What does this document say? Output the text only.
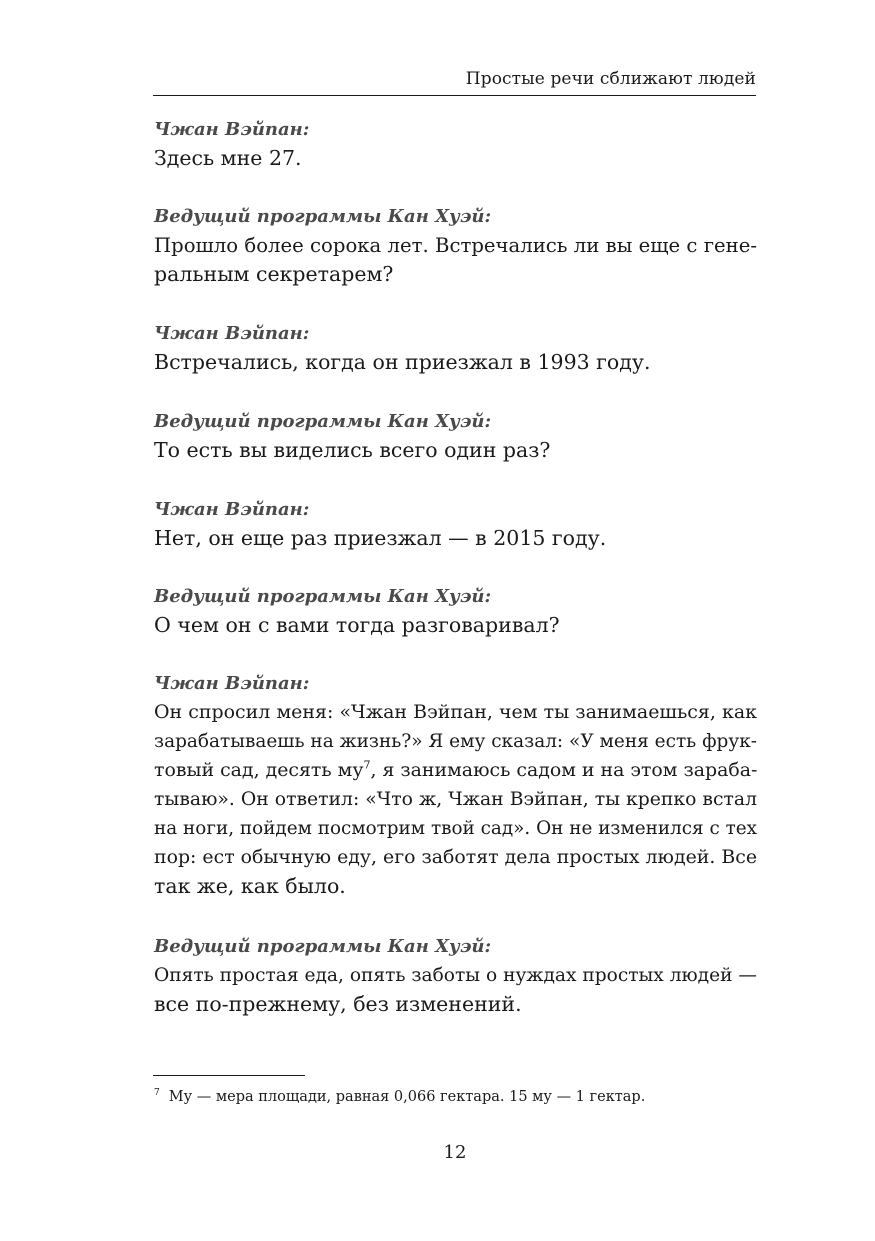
Простые речи сближают людей
Чжан Вэйпан:

Здесь мне 27.

Ведущий программы Кан Хуэй:

Прошло более сорока лет. Встречались ли вы еще с гене-
ральным секретарем?

Чжан Вэйпан:

Встречались, когда он приезжал в 1993 году.

Ведущий программы Кан Хуэй:

То есть вы виделись всего один раз?

Чжан Вэйпан:

Нет, он еще раз приезжал — в 2015 году.

Ведущий программы Кан Хуэй:

О чем он с вами тогда разговаривал?

Чжан Вэйпан:

Он спросил меня: «Чжан Вэйпан, чем ты занимаешься, как
зарабатываешь на жизнь?» Я ему сказал: «У меня есть фрук-
товый сад, десять му$^7$, я занимаюсь садом и на этом зараба-
тываю». Он ответил: «Что ж, Чжан Вэйпан, ты крепко встал
на ноги, пойдем посмотрим твой сад». Он не изменился с тех
пор: ест обычную еду, его заботят дела простых людей. Все
так же, как было.

Ведущий программы Кан Хуэй:

Опять простая еда, опять заботы о нуждах простых людей —
все по-прежнему, без изменений.

$^7$ Му — мера площади, равная 0,066 гектара. 15 му — 1 гектар.
12
